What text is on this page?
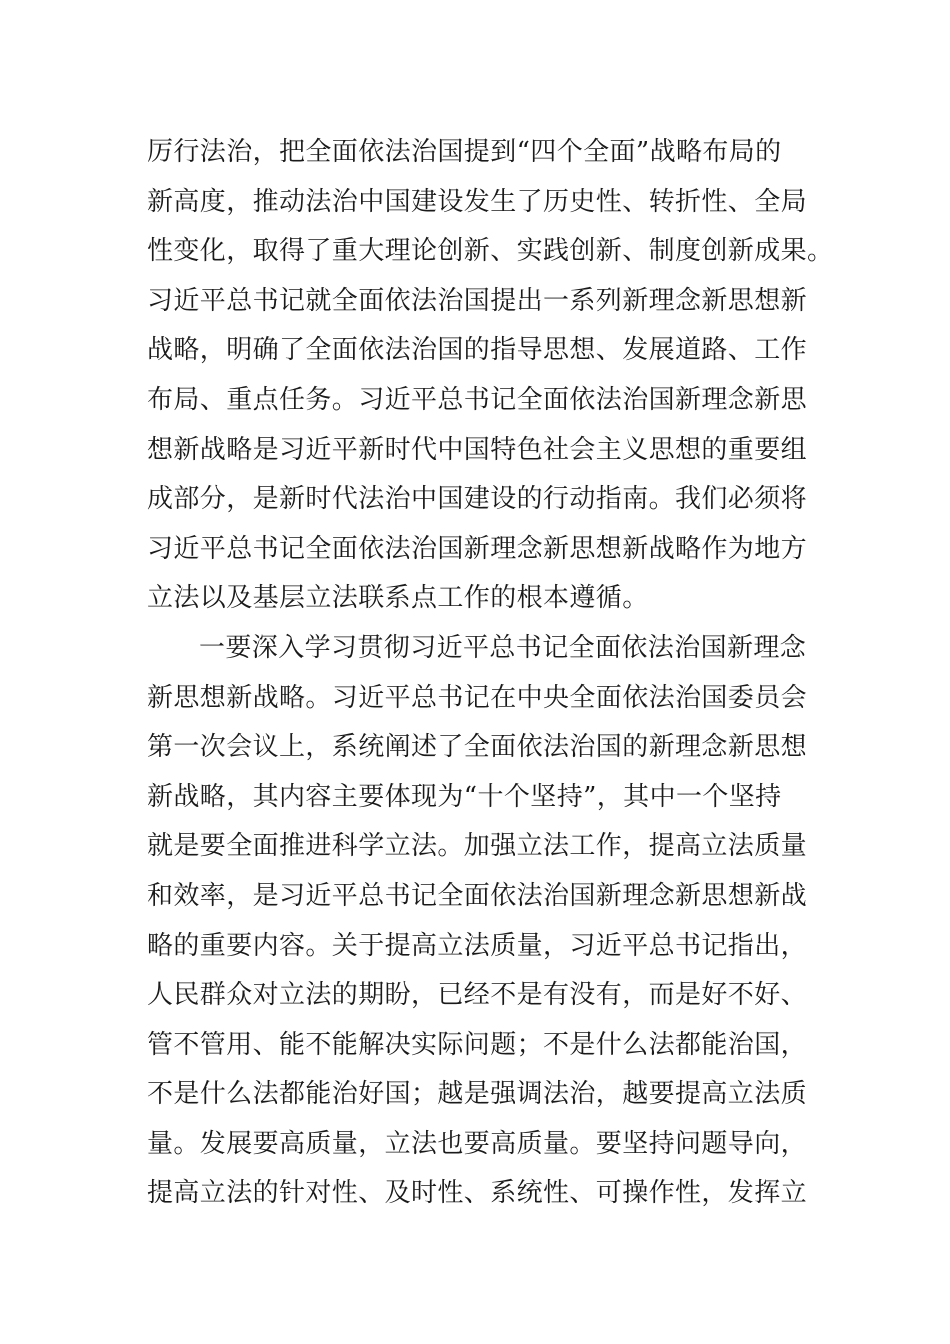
厉行法治，把全面依法治国提到“四个全面”战略布局的
新高度，推动法治中国建设发生了历史性、转折性、全局
性变化，取得了重大理论创新、实践创新、制度创新成果。
习近平总书记就全面依法治国提出一系列新理念新思想新
战略，明确了全面依法治国的指导思想、发展道路、工作
布局、重点任务。习近平总书记全面依法治国新理念新思
想新战略是习近平新时代中国特色社会主义思想的重要组
成部分，是新时代法治中国建设的行动指南。我们必须将
习近平总书记全面依法治国新理念新思想新战略作为地方
立法以及基层立法联系点工作的根本遵循。
一要深入学习贯彻习近平总书记全面依法治国新理念
新思想新战略。习近平总书记在中央全面依法治国委员会
第一次会议上，系统阐述了全面依法治国的新理念新思想
新战略，其内容主要体现为“十个坚持”，其中一个坚持
就是要全面推进科学立法。加强立法工作，提高立法质量
和效率，是习近平总书记全面依法治国新理念新思想新战
略的重要内容。关于提高立法质量，习近平总书记指出，
人民群众对立法的期盼，已经不是有没有，而是好不好、
管不管用、能不能解决实际问题；不是什么法都能治国，
不是什么法都能治好国；越是强调法治，越要提高立法质
量。发展要高质量，立法也要高质量。要坚持问题导向，
提高立法的针对性、及时性、系统性、可操作性，发挥立
